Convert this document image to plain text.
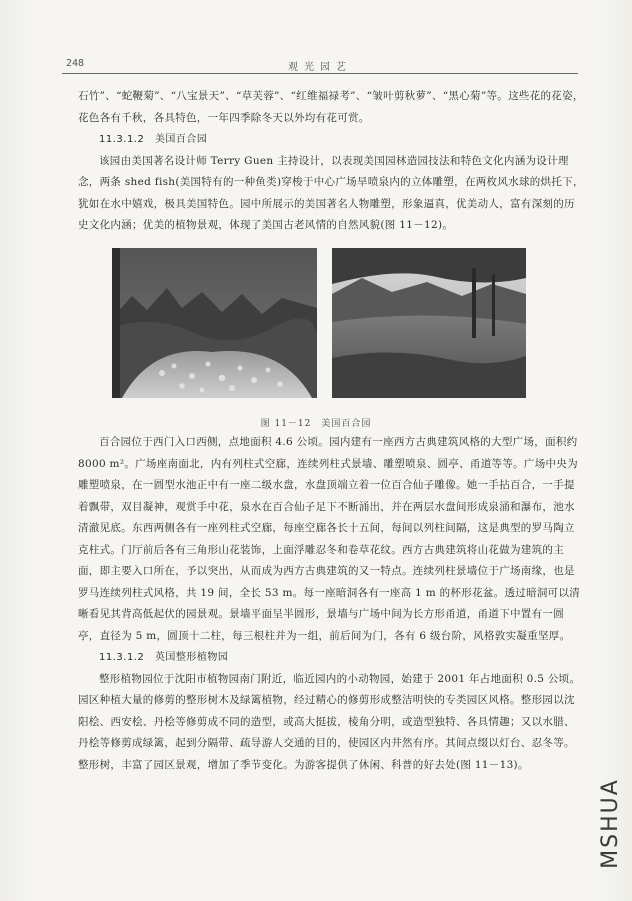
248	观光园艺

石竹”、“蛇鞭菊”、“八宝景天”、“草芙蓉”、“红维福禄考”、“皱叶剪秋萝”、“黑心菊”等。这些花的花姿，花色各有千秋，各具特色，一年四季除冬天以外均有花可赏。

11.3.1.2　美国百合园

该园由美国著名设计师 Terry Guen 主持设计，以表现美国园林造园技法和特色文化内涵为设计理念，两条 shed fish(美国特有的一种鱼类)穿梭于中心广场旱喷泉内的立体雕塑，在两枚风水球的烘托下，犹如在水中嬉戏，极具美国特色。园中所展示的美国著名人物雕塑，形象逼真，优美动人，富有深刻的历史文化内涵；优美的植物景观，体现了美国古老风情的自然风貌(图 11－12)。

图 11－12　美国百合园

百合园位于西门入口西侧，点地面积 4.6 公顷。园内建有一座西方古典建筑风格的大型广场，面积约 8000 m²。广场座南面北，内有列柱式空廊，连续列柱式景墙、雕塑喷泉、圆亭、甬道等等。广场中央为雕塑喷泉，在一圆型水池正中有一座二级水盘，水盘顶端立着一位百合仙子雕像。她一手拈百合，一手提着飘带，双目凝神，观赏手中花，泉水在百合仙子足下不断涌出，并在两层水盘间形成泉涌和瀑布，池水清澈见底。东西两侧各有一座列柱式空廊，每座空廊各长十五间，每间以列柱间隔，这是典型的罗马陶立克柱式。门厅前后各有三角形山花装饰，上面浮雕忍冬和卷草花纹。西方古典建筑将山花做为建筑的主面，即主要入口所在，予以突出，从而成为西方古典建筑的又一特点。连续列柱景墙位于广场南缘，也是罗马连续列柱式风格，共 19 间，全长 53 m。每一座暗洞各有一座高 1 m 的杯形花盆。透过暗洞可以清晰看见其背高低起伏的园景观。景墙平面呈半圆形，景墙与广场中间为长方形甬道，甬道下中置有一圆亭，直径为 5 m，圆顶十二柱，每三根柱并为一组，前后间为门，各有 6 级台阶，风格敦实凝重坚厚。

11.3.1.2　英国整形植物园

整形植物园位于沈阳市植物园南门附近，临近园内的小动物园，始建于 2001 年占地面积 0.5 公顷。园区种植大量的修剪的整形树木及绿篱植物，经过精心的修剪形成整洁明快的专类园区风格。整形园以沈阳桧、西安桧、丹桧等修剪成不同的造型，或高大挺拔，棱角分明，或造型独特、各具情趣；又以水腊、丹桧等修剪成绿篱，起到分隔带、疏导游人交通的目的，使园区内井然有序。其间点缀以灯台、忍冬等。整形树，丰富了园区景观，增加了季节变化。为游客提供了休闲、科普的好去处(图 11－13)。

MSHUA
